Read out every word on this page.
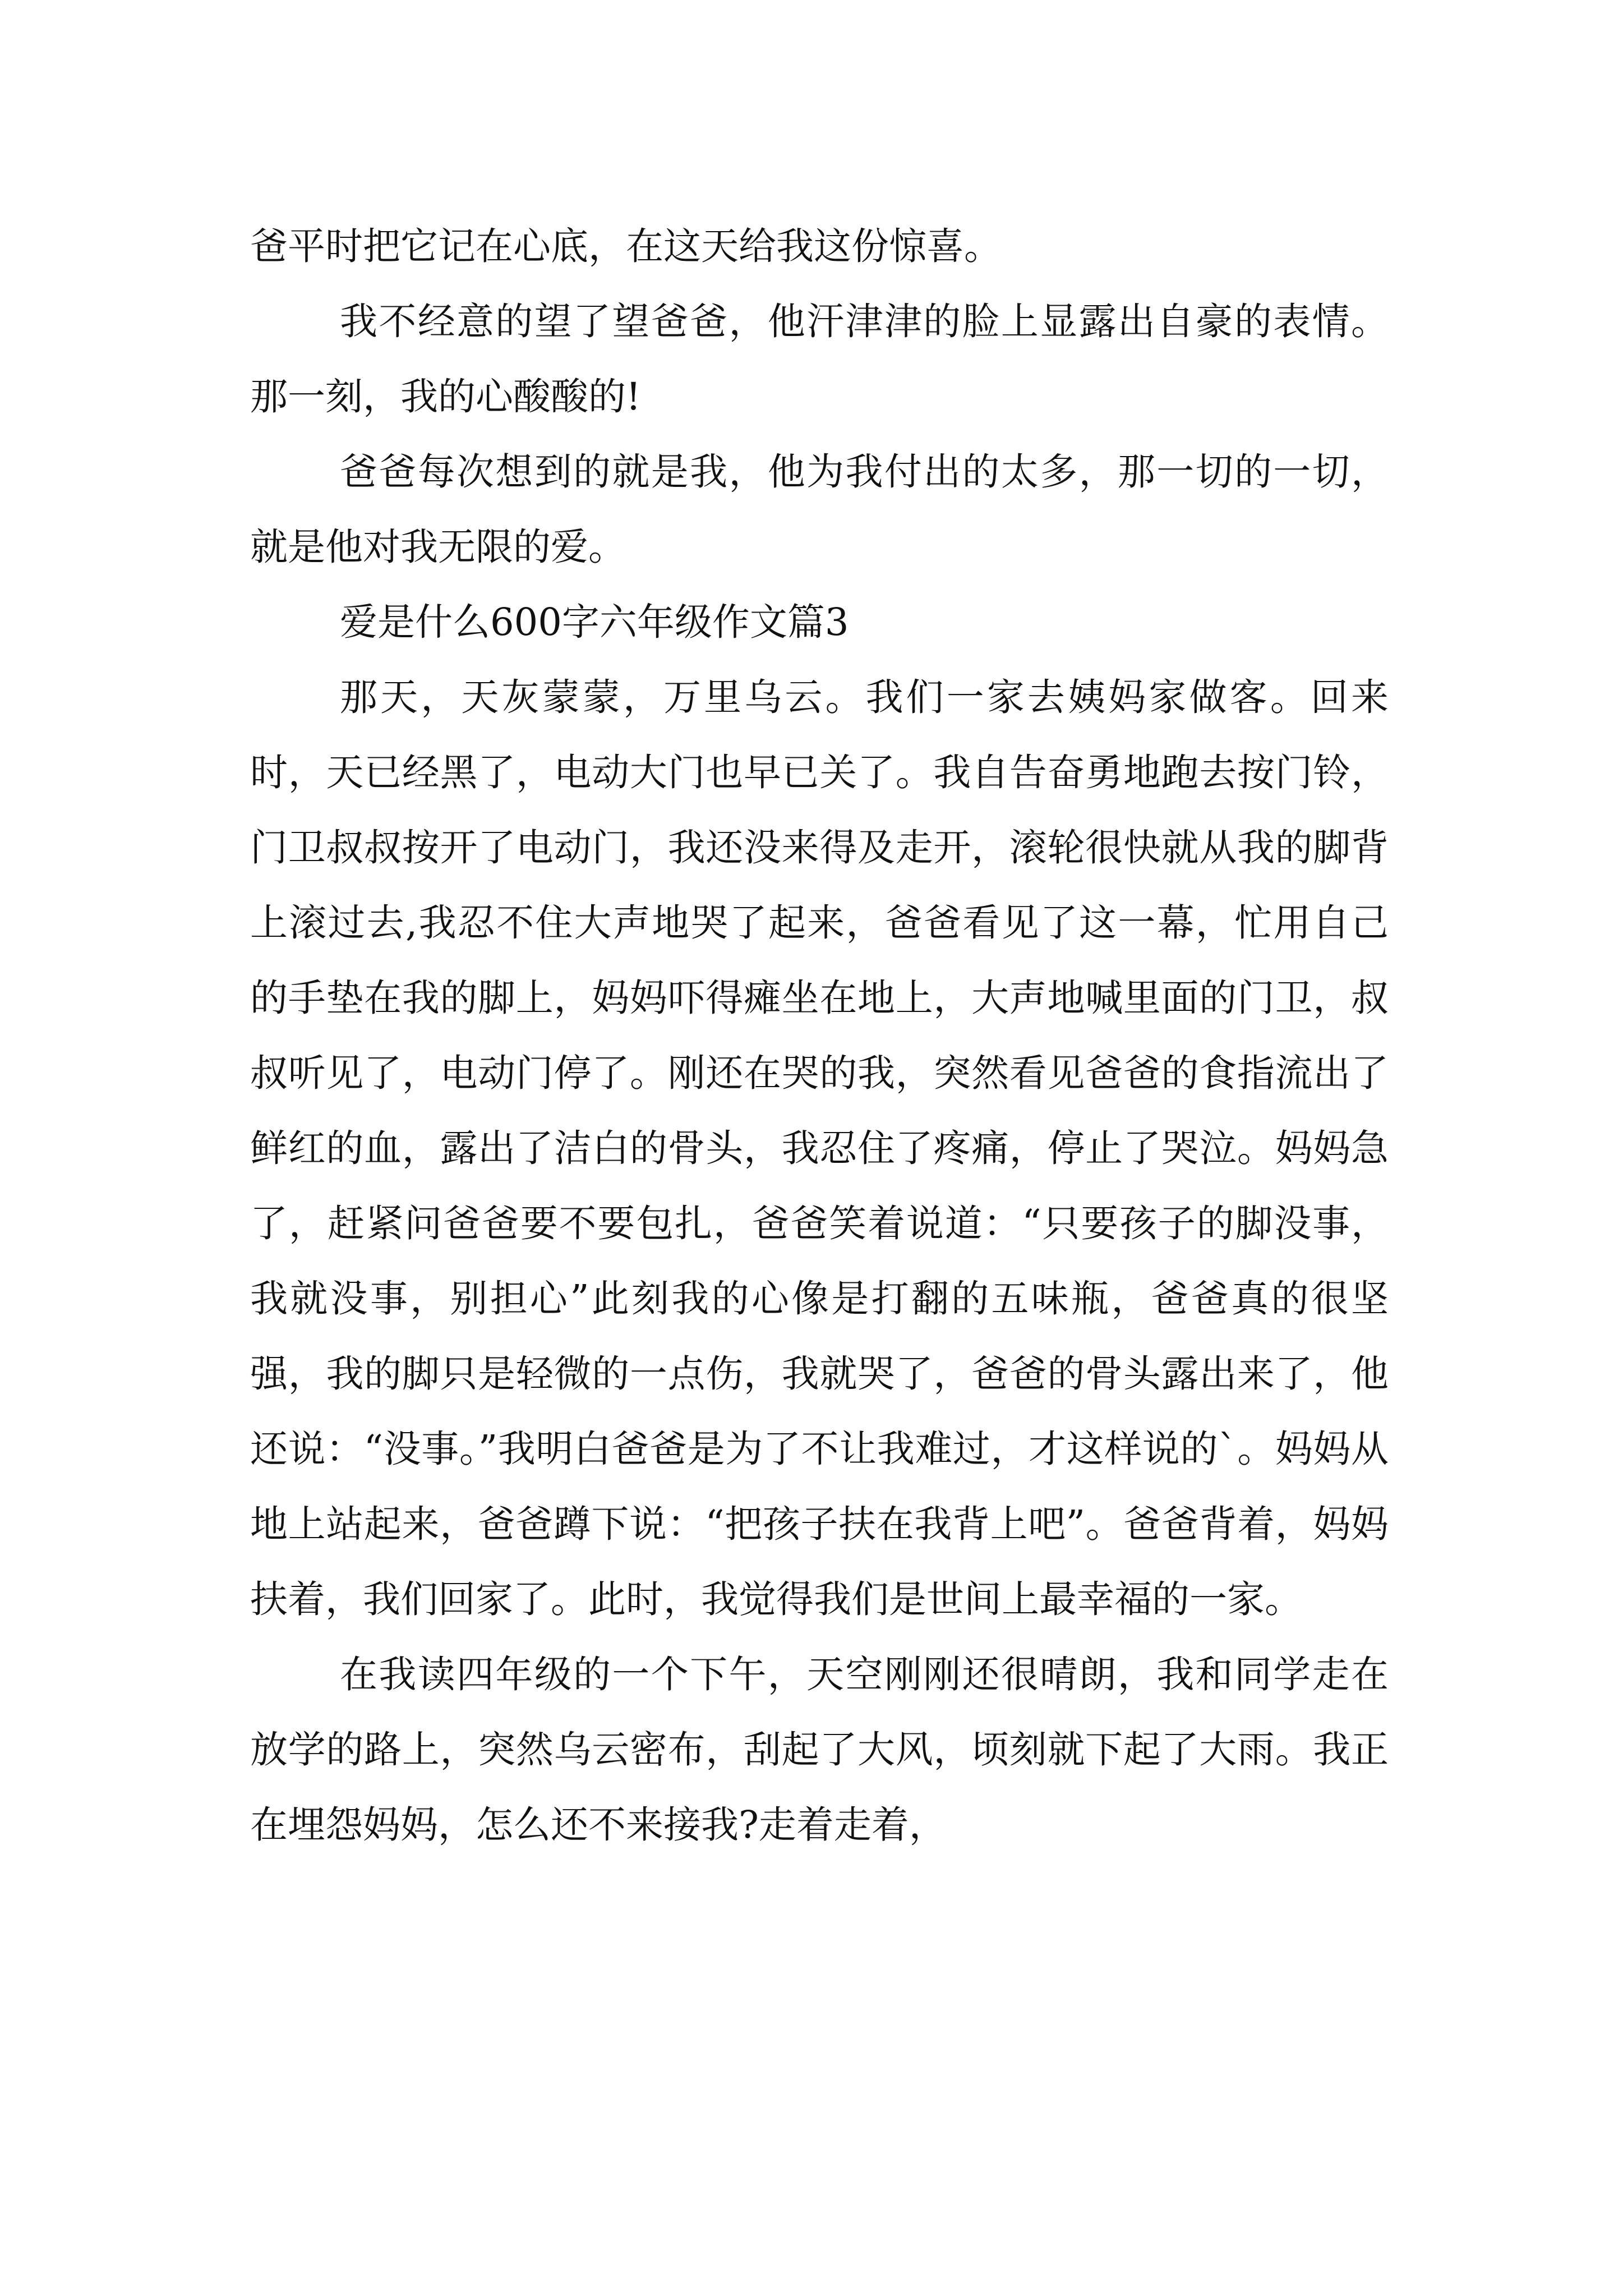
爸平时把它记在心底，在这天给我这份惊喜。

我不经意的望了望爸爸，他汗津津的脸上显露出自豪的表情。那一刻，我的心酸酸的!

爸爸每次想到的就是我，他为我付出的太多，那一切的一切，就是他对我无限的爱。

爱是什么600字六年级作文篇3

那天，天灰蒙蒙，万里乌云。我们一家去姨妈家做客。回来时，天已经黑了，电动大门也早已关了。我自告奋勇地跑去按门铃，门卫叔叔按开了电动门，我还没来得及走开，滚轮很快就从我的脚背上滚过去,我忍不住大声地哭了起来，爸爸看见了这一幕，忙用自己的手垫在我的脚上，妈妈吓得瘫坐在地上，大声地喊里面的门卫，叔叔听见了，电动门停了。刚还在哭的我，突然看见爸爸的食指流出了鲜红的血，露出了洁白的骨头，我忍住了疼痛，停止了哭泣。妈妈急了，赶紧问爸爸要不要包扎，爸爸笑着说道：“只要孩子的脚没事，我就没事，别担心”此刻我的心像是打翻的五味瓶，爸爸真的很坚强，我的脚只是轻微的一点伤，我就哭了，爸爸的骨头露出来了，他还说：“没事。”我明白爸爸是为了不让我难过，才这样说的`。妈妈从地上站起来，爸爸蹲下说：“把孩子扶在我背上吧”。爸爸背着，妈妈扶着，我们回家了。此时，我觉得我们是世间上最幸福的一家。

在我读四年级的一个下午，天空刚刚还很晴朗，我和同学走在放学的路上，突然乌云密布，刮起了大风，顷刻就下起了大雨。我正在埋怨妈妈，怎么还不来接我?走着走着，
